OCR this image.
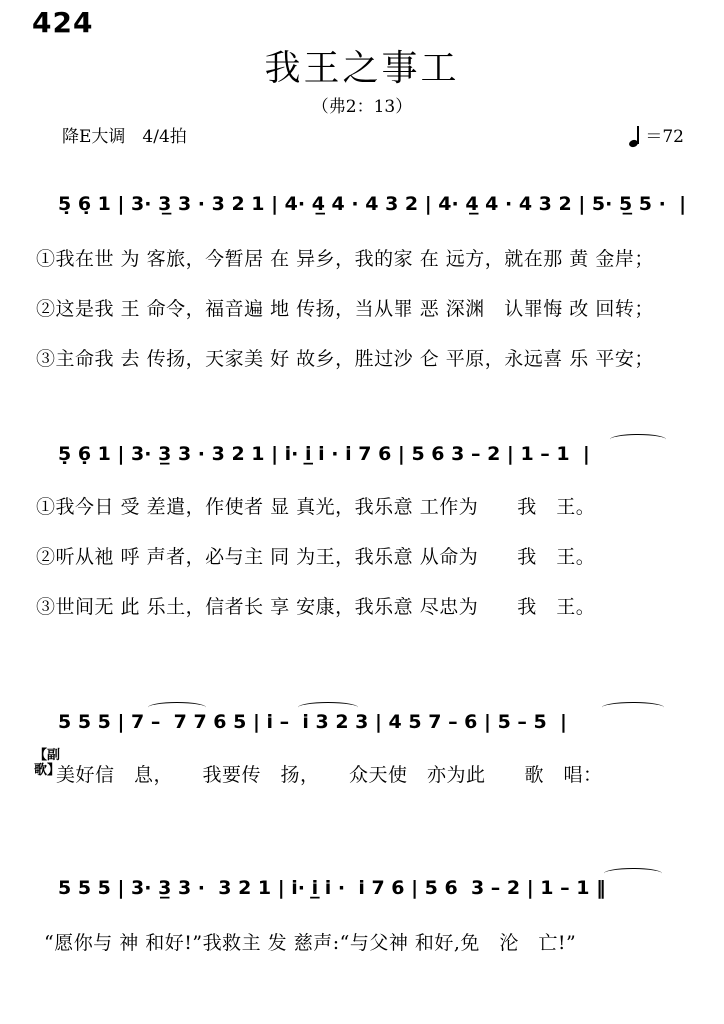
424
我王之事工
（弗2：13）
降E大调　4/4拍	＝72
5̣ 6̣ 1 | 3· 3̲ 3 · 3 2 1 | 4· 4̲ 4 · 4 3 2 | 4· 4̲ 4 · 4 3 2 | 5· 5̲ 5 ·  |
①我在世 为 客旅，今暂居 在 异乡，我的家 在 远方，就在那 黄 金岸；
②这是我 王 命令，福音遍 地 传扬，当从罪 恶 深渊　认罪悔 改 回转；
③主命我 去 传扬，天家美 好 故乡，胜过沙 仑 平原，永远喜 乐 平安；
5̣ 6̣ 1 | 3· 3̲ 3 · 3 2 1 | i· i̲ i · i 7 6 | 5 6 3 – 2 | 1 – 1  |
①我今日 受 差遣，作使者 显 真光，我乐意 工作为　　我　王。
②听从祂 呼 声者，必与主 同 为王，我乐意 从命为　　我　王。
③世间无 此 乐土，信者长 享 安康，我乐意 尽忠为　　我　王。
5 5 5 | 7 –  7 7 6 5 | i –  i 3 2 3 | 4 5 7 – 6 | 5 – 5  |
【副歌】
美好信　息，　　我要传　扬，　　众天使　亦为此　　歌　唱：
5 5 5 | 3· 3̲ 3 ·  3 2 1 | i· i̲ i ·  i 7 6 | 5 6  3 – 2 | 1 – 1 ‖
“愿你与 神 和好!”我救主 发 慈声:“与父神 和好,免　沦　亡!”
